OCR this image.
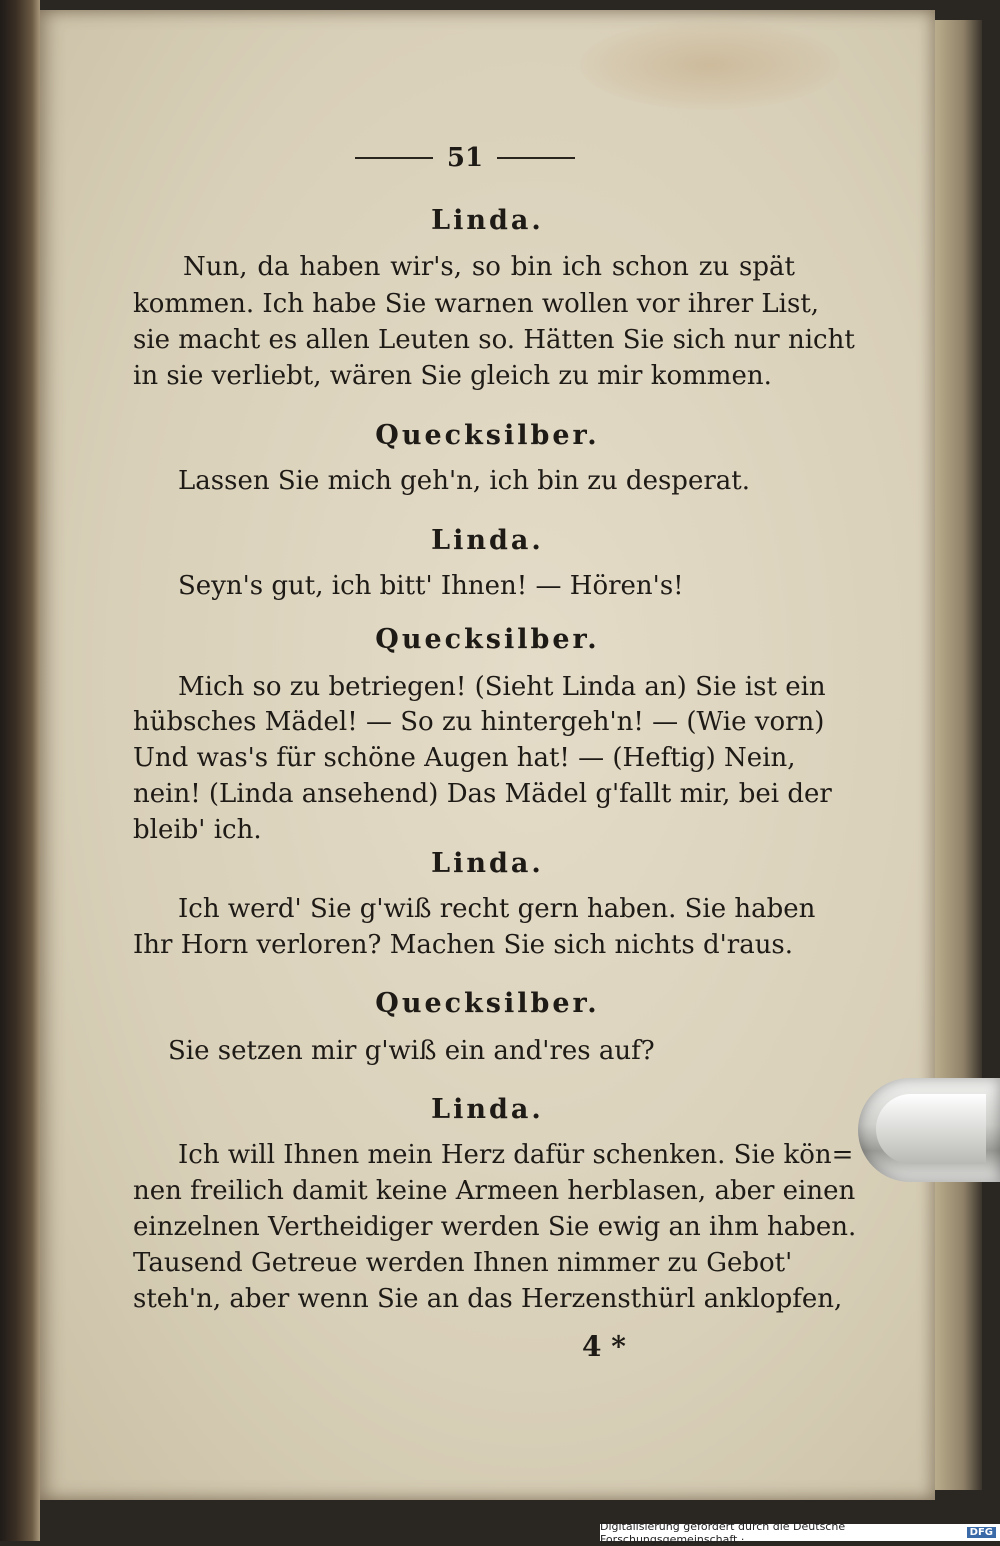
51
Linda.
Nun, da haben wir's, so bin ich schon zu spät
kommen. Ich habe Sie warnen wollen vor ihrer List,
sie macht es allen Leuten so. Hätten Sie sich nur nicht
in sie verliebt, wären Sie gleich zu mir kommen.
Quecksilber.
Lassen Sie mich geh'n, ich bin zu desperat.
Linda.
Seyn's gut, ich bitt' Ihnen! — Hören's!
Quecksilber.
Mich so zu betriegen! (Sieht Linda an) Sie ist ein
hübsches Mädel! — So zu hintergeh'n! — (Wie vorn)
Und was's für schöne Augen hat! — (Heftig) Nein,
nein! (Linda ansehend) Das Mädel g'fallt mir, bei der
bleib' ich.
Linda.
Ich werd' Sie g'wiß recht gern haben. Sie haben
Ihr Horn verloren? Machen Sie sich nichts d'raus.
Quecksilber.
Sie setzen mir g'wiß ein and'res auf?
Linda.
Ich will Ihnen mein Herz dafür schenken. Sie kön=
nen freilich damit keine Armeen herblasen, aber einen
einzelnen Vertheidiger werden Sie ewig an ihm haben.
Tausend Getreue werden Ihnen nimmer zu Gebot'
steh'n, aber wenn Sie an das Herzensthürl anklopfen,
4 *
Digitalisierung gefördert durch die Deutsche Forschungsgemeinschaft ·	DFG
